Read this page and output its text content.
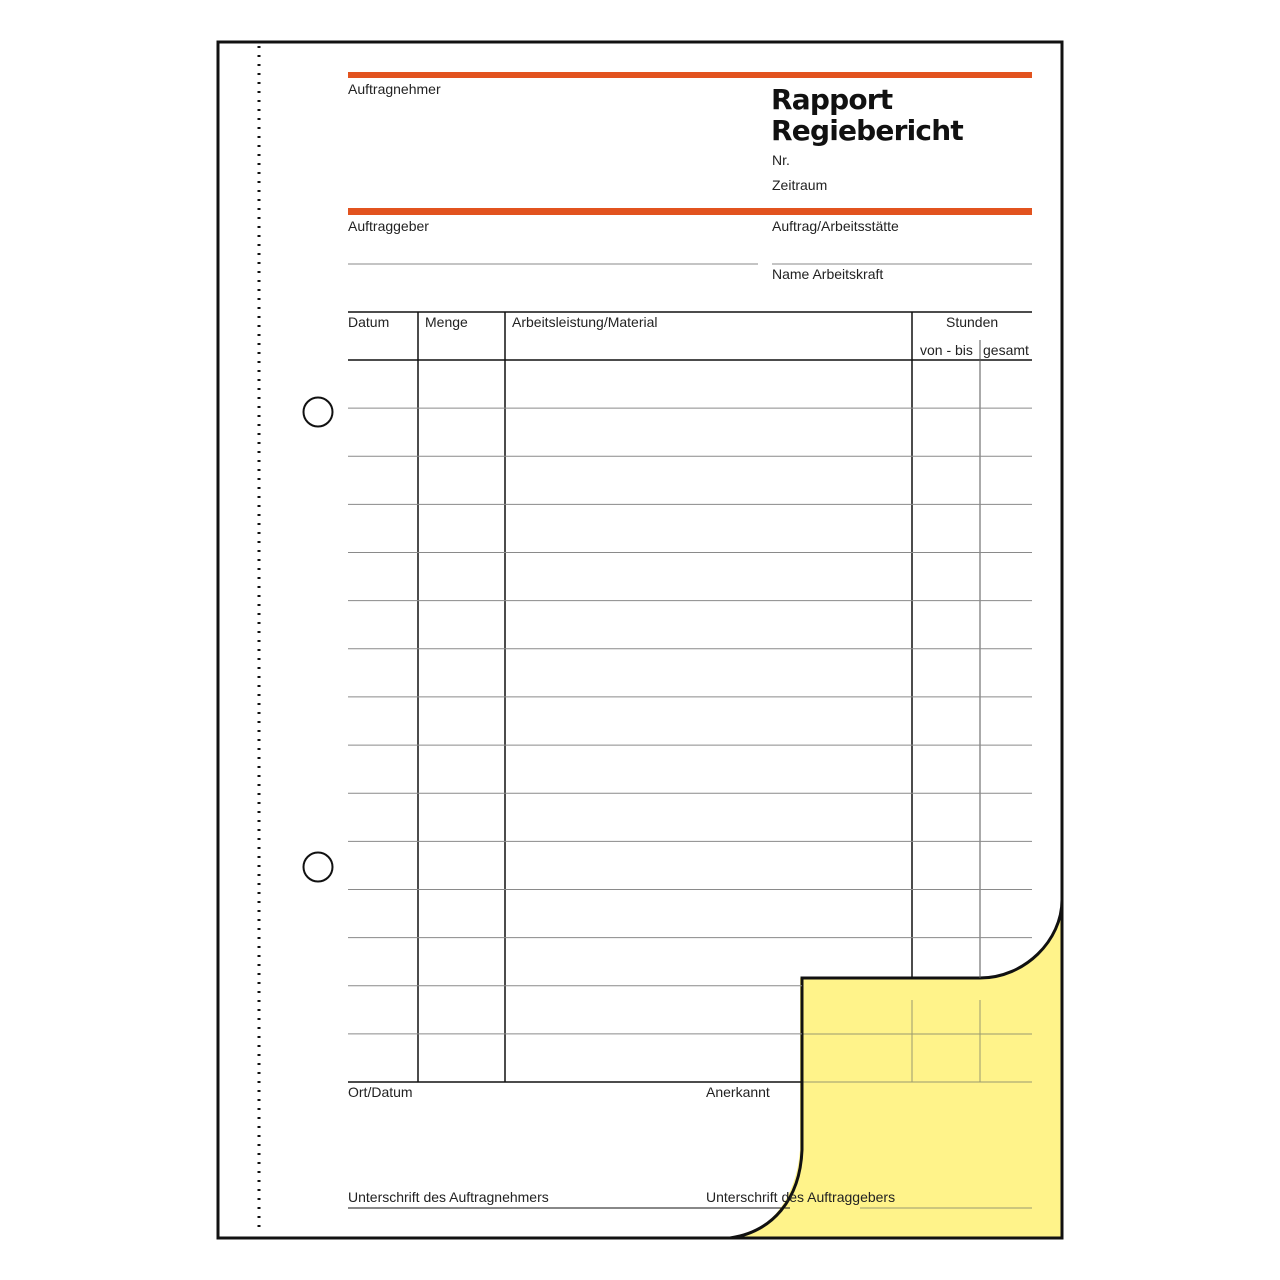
Auftragnehmer	Rapport
Regiebericht
Nr.
Zeitraum
Auftraggeber	Auftrag/Arbeitsstätte
Name Arbeitskraft
Datum	Menge	Arbeitsleistung/Material	Stunden
von - bis gesamt
Ort/Datum	Anerkannt
Unterschrift des Auftragnehmers	Unterschrift des Auftraggebers
